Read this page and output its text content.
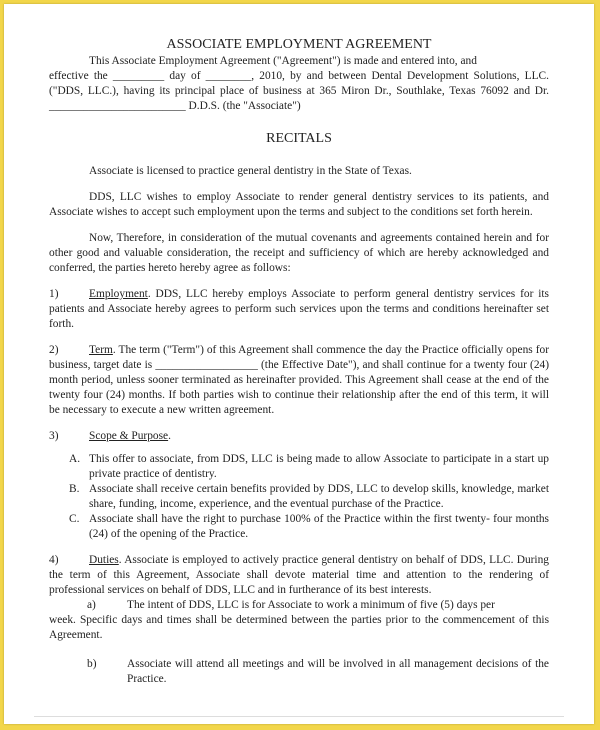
ASSOCIATE EMPLOYMENT AGREEMENT

This Associate Employment Agreement ("Agreement") is made and entered into, and

effective the _________ day of ________, 2010, by and between Dental Development Solutions, LLC. ("DDS, LLC.), having its principal place of business at 365 Miron Dr., Southlake, Texas 76092 and Dr. ________________________ D.D.S. (the "Associate")

RECITALS

Associate is licensed to practice general dentistry in the State of Texas.

DDS, LLC wishes to employ Associate to render general dentistry services to its patients, and Associate wishes to accept such employment upon the terms and subject to the conditions set forth herein.

Now, Therefore, in consideration of the mutual covenants and agreements contained herein and for other good and valuable consideration, the receipt and sufficiency of which are hereby acknowledged and conferred, the parties hereto hereby agree as follows:

1)	Employment. DDS, LLC hereby employs Associate to perform general dentistry services for its patients and Associate hereby agrees to perform such services upon the terms and conditions hereinafter set forth.

2)	Term. The term ("Term") of this Agreement shall commence the day the Practice officially opens for business, target date is __________________ (the Effective Date"), and shall continue for a twenty four (24) month period, unless sooner terminated as hereinafter provided. This Agreement shall cease at the end of the twenty four (24) months. If both parties wish to continue their relationship after the end of this term, it will be necessary to execute a new written agreement.

3)	Scope & Purpose.

A. This offer to associate, from DDS, LLC is being made to allow Associate to participate in a start up private practice of dentistry.
B. Associate shall receive certain benefits provided by DDS, LLC to develop skills, knowledge, market share, funding, income, experience, and the eventual purchase of the Practice.
C. Associate shall have the right to purchase 100% of the Practice within the first twenty- four months (24) of the opening of the Practice.

4)	Duties. Associate is employed to actively practice general dentistry on behalf of DDS, LLC. During the term of this Agreement, Associate shall devote material time and attention to the rendering of professional services on behalf of DDS, LLC and in furtherance of its best interests.

a)	The intent of DDS, LLC is for Associate to work a minimum of five (5) days per

week. Specific days and times shall be determined between the parties prior to the commencement of this Agreement.

b)	Associate will attend all meetings and will be involved in all management decisions of the Practice.
